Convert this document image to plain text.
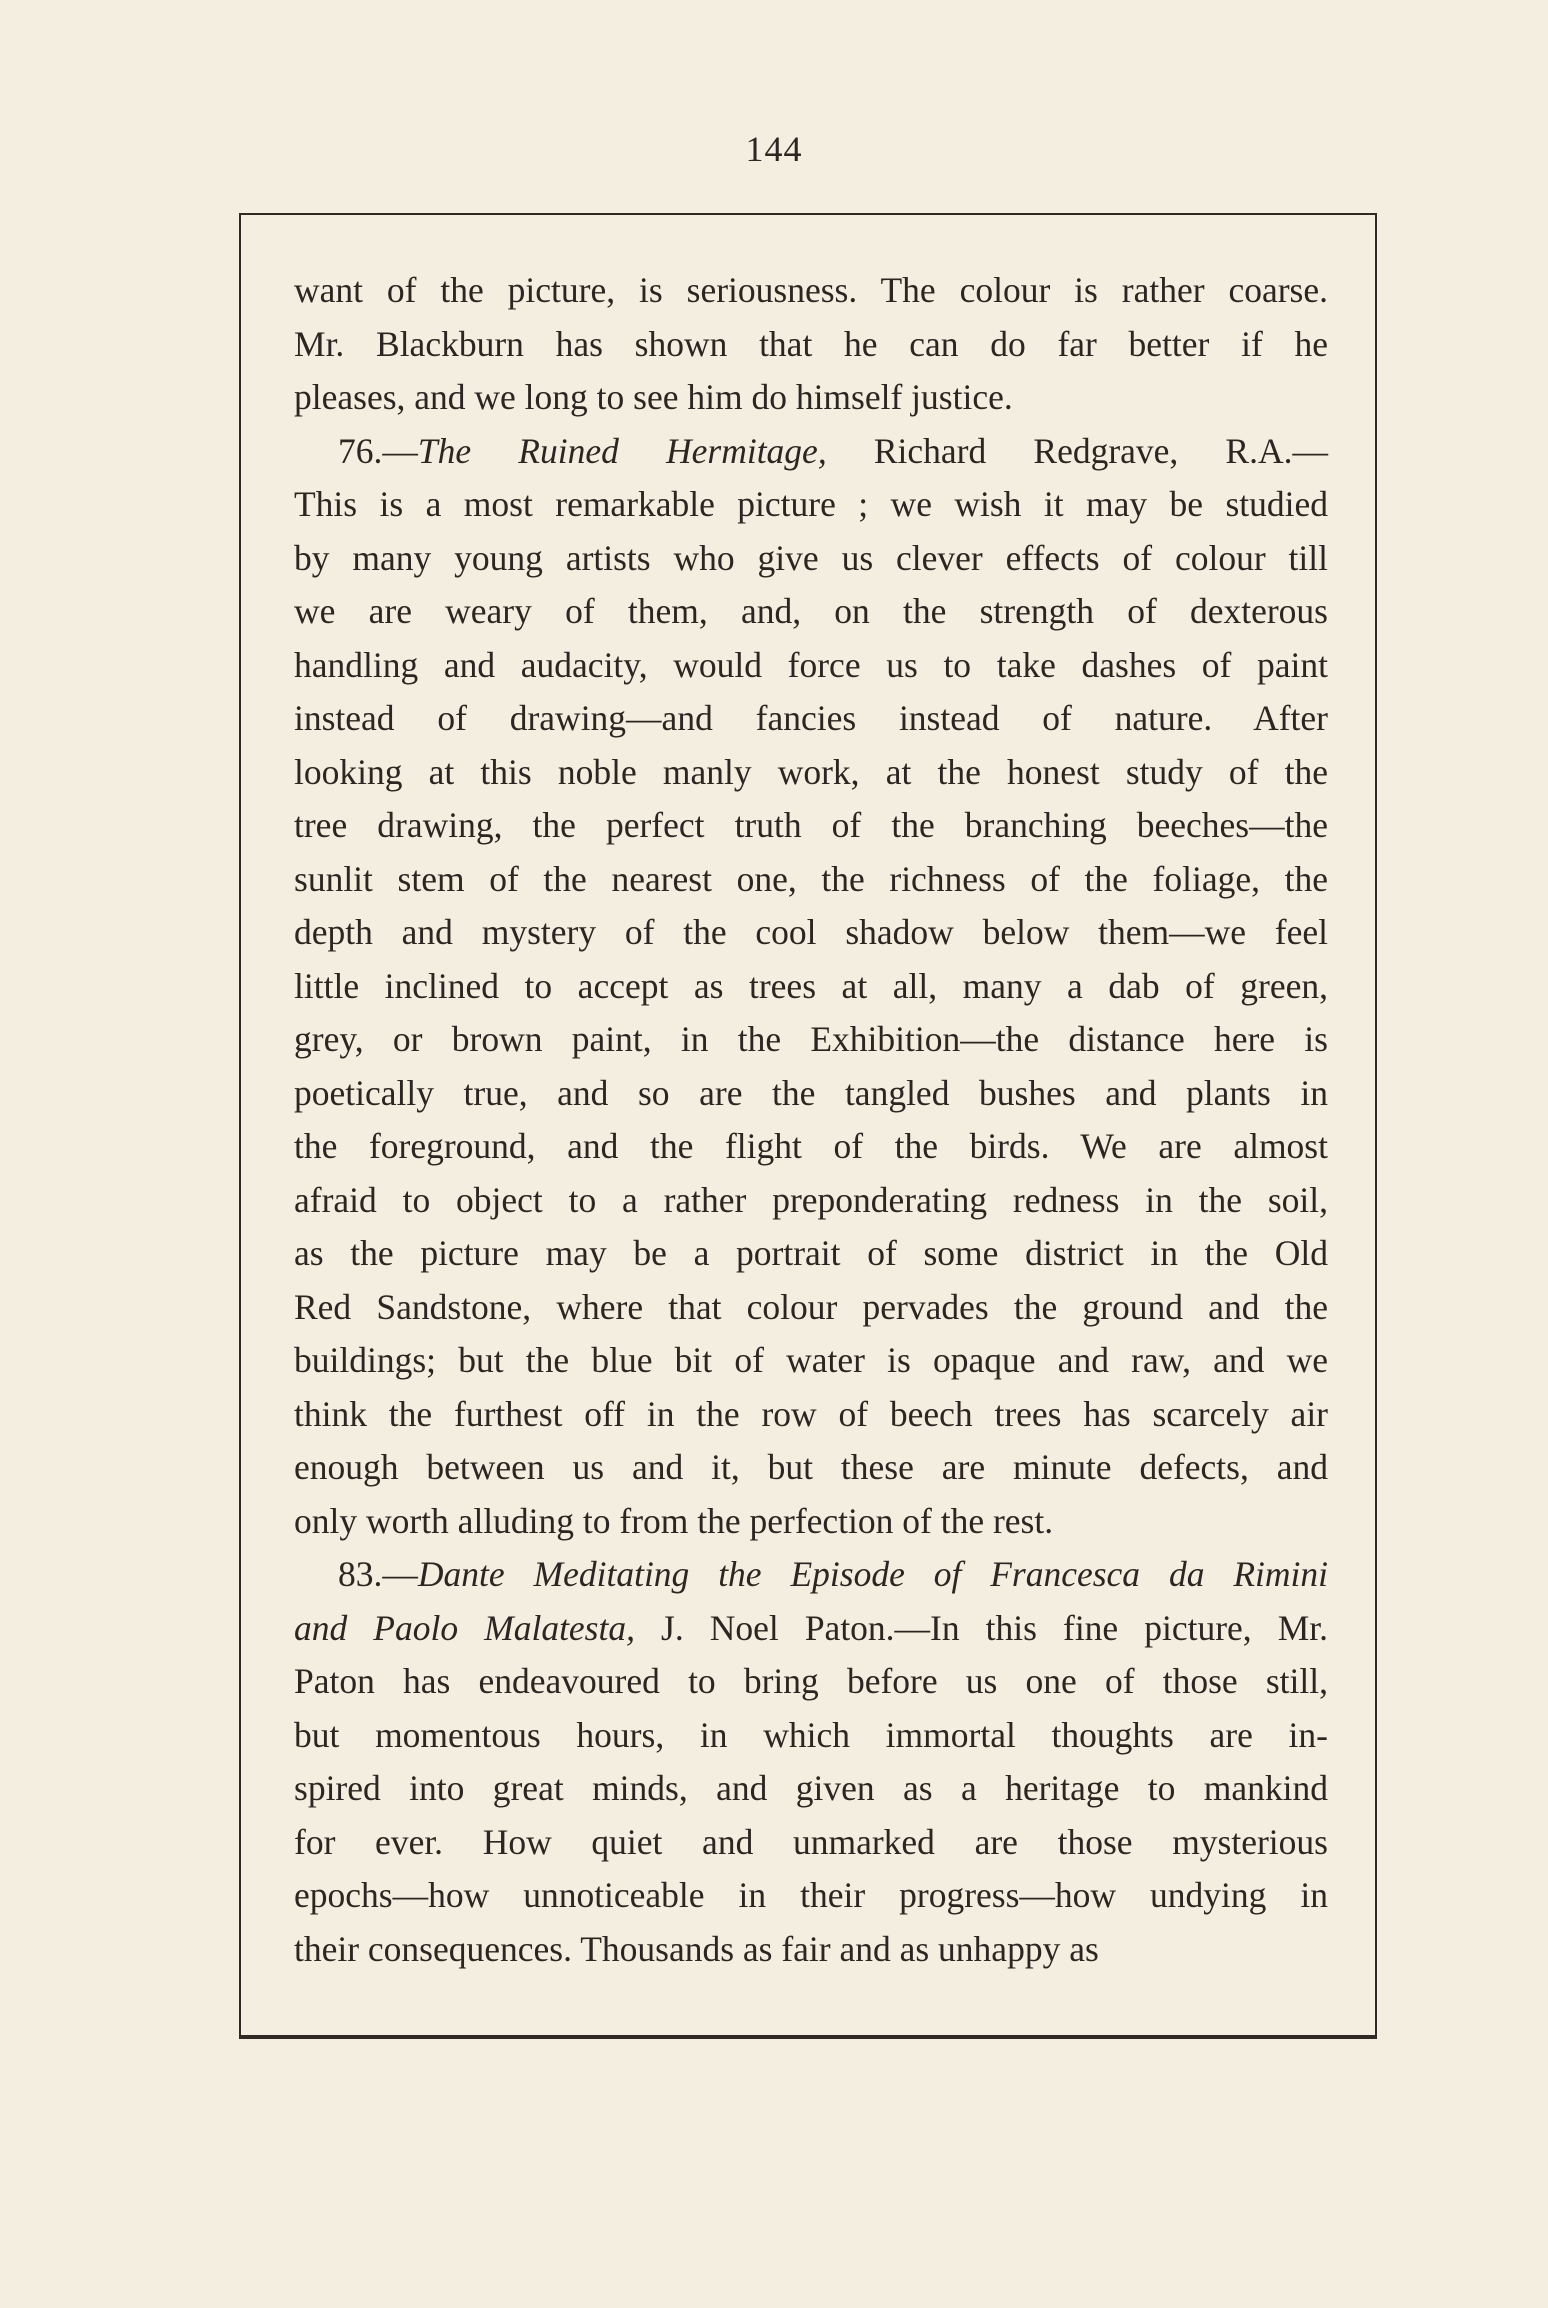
144
want of the picture, is seriousness. The colour is rather coarse.
Mr. Blackburn has shown that he can do far better if he
pleases, and we long to see him do himself justice.
76.—The Ruined Hermitage, Richard Redgrave, R.A.—
This is a most remarkable picture ; we wish it may be studied
by many young artists who give us clever effects of colour till
we are weary of them, and, on the strength of dexterous
handling and audacity, would force us to take dashes of paint
instead of drawing—and fancies instead of nature. After
looking at this noble manly work, at the honest study of the
tree drawing, the perfect truth of the branching beeches—the
sunlit stem of the nearest one, the richness of the foliage, the
depth and mystery of the cool shadow below them—we feel
little inclined to accept as trees at all, many a dab of green,
grey, or brown paint, in the Exhibition—the distance here is
poetically true, and so are the tangled bushes and plants in
the foreground, and the flight of the birds. We are almost
afraid to object to a rather preponderating redness in the soil,
as the picture may be a portrait of some district in the Old
Red Sandstone, where that colour pervades the ground and the
buildings; but the blue bit of water is opaque and raw, and we
think the furthest off in the row of beech trees has scarcely air
enough between us and it, but these are minute defects, and
only worth alluding to from the perfection of the rest.
83.—Dante Meditating the Episode of Francesca da Rimini
and Paolo Malatesta, J. Noel Paton.—In this fine picture, Mr.
Paton has endeavoured to bring before us one of those still,
but momentous hours, in which immortal thoughts are in-
spired into great minds, and given as a heritage to mankind
for ever. How quiet and unmarked are those mysterious
epochs—how unnoticeable in their progress—how undying in
their consequences. Thousands as fair and as unhappy as
